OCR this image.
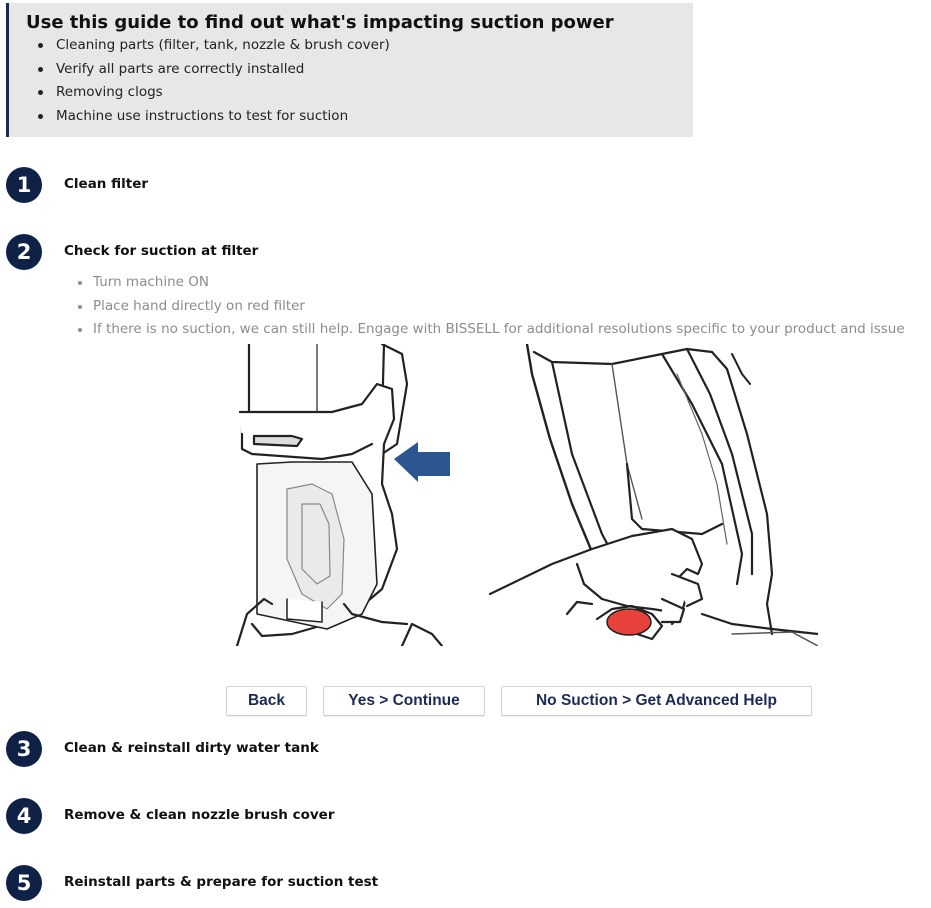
Use this guide to find out what's impacting suction power
Cleaning parts (filter, tank, nozzle & brush cover)
Verify all parts are correctly installed
Removing clogs
Machine use instructions to test for suction
1	Clean filter
2	Check for suction at filter
Turn machine ON
Place hand directly on red filter
If there is no suction, we can still help. Engage with BISSELL for additional resolutions specific to your product and issue
Back	Yes > Continue	No Suction > Get Advanced Help
3	Clean & reinstall dirty water tank
4	Remove & clean nozzle brush cover
5	Reinstall parts & prepare for suction test
